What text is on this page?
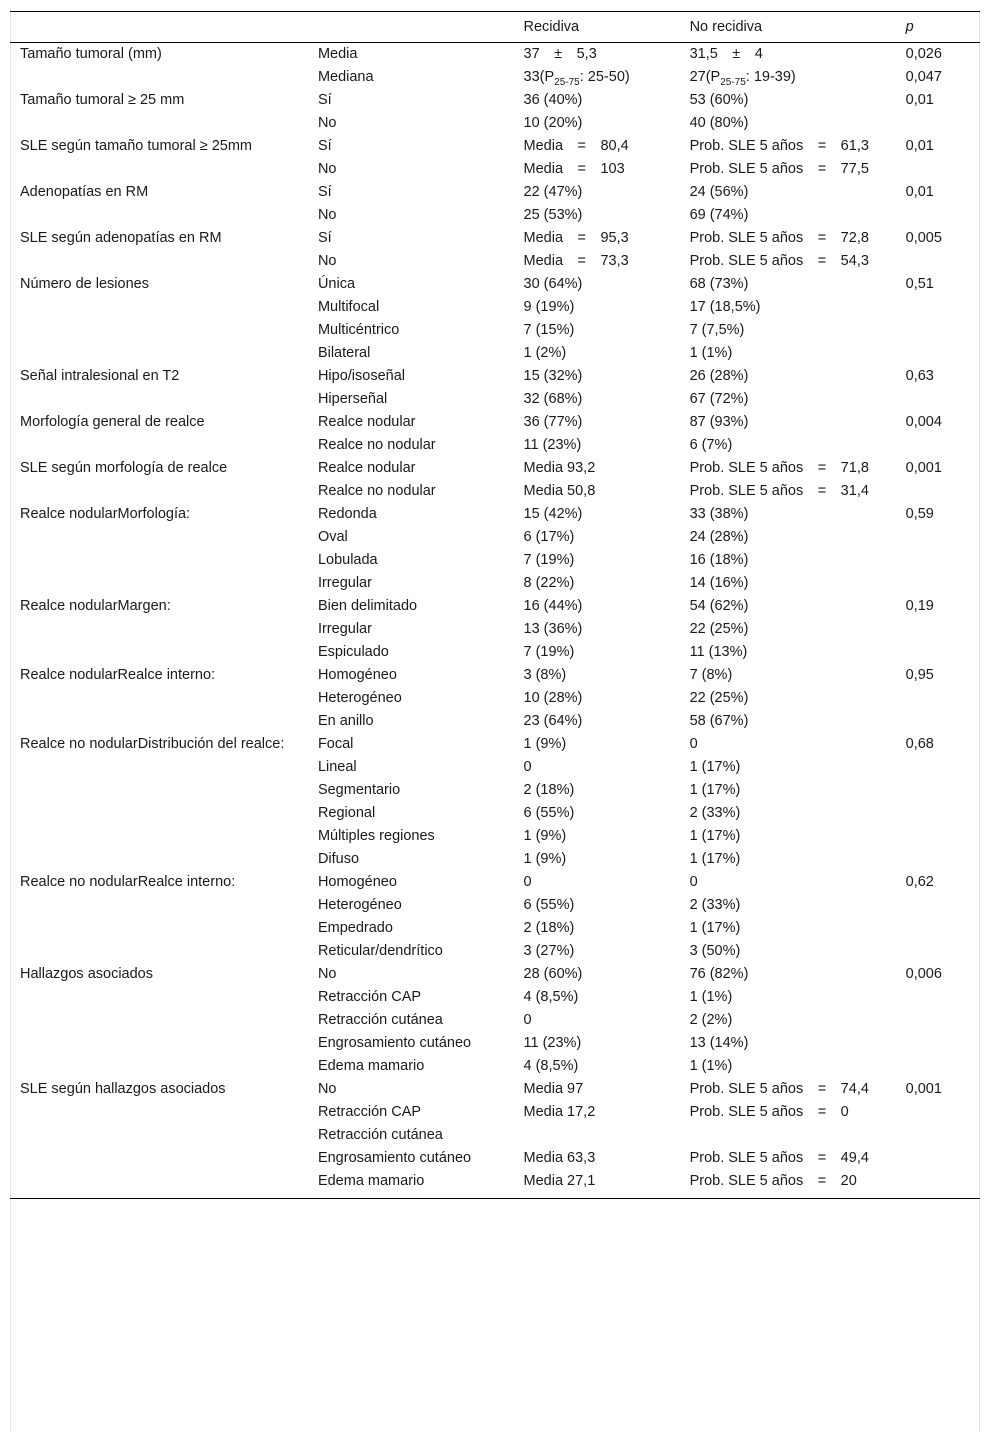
		Recidiva	No recidiva	p
Tamaño tumoral (mm)	Media	37 ± 5,3	31,5 ± 4	0,026
	Mediana	$33(P_{25-75}$: 25-50)	$27(P_{25-75}$: 19-39)	0,047
Tamaño tumoral ≥ 25 mm	Sí	36 (40%)	53 (60%)	0,01
	No	10 (20%)	40 (80%)	
SLE según tamaño tumoral ≥ 25mm	Sí	Media = 80,4	Prob. SLE 5 años = 61,3	0,01
	No	Media = 103	Prob. SLE 5 años = 77,5	
Adenopatías en RM	Sí	22 (47%)	24 (56%)	0,01
	No	25 (53%)	69 (74%)	
SLE según adenopatías en RM	Sí	Media = 95,3	Prob. SLE 5 años = 72,8	0,005
	No	Media = 73,3	Prob. SLE 5 años = 54,3	
Número de lesiones	Única	30 (64%)	68 (73%)	0,51
	Multifocal	9 (19%)	17 (18,5%)	
	Multicéntrico	7 (15%)	7 (7,5%)	
	Bilateral	1 (2%)	1 (1%)	
Señal intralesional en T2	Hipo/isoseñal	15 (32%)	26 (28%)	0,63
	Hiperseñal	32 (68%)	67 (72%)	
Morfología general de realce	Realce nodular	36 (77%)	87 (93%)	0,004
	Realce no nodular	11 (23%)	6 (7%)	
SLE según morfología de realce	Realce nodular	Media 93,2	Prob. SLE 5 años = 71,8	0,001
	Realce no nodular	Media 50,8	Prob. SLE 5 años = 31,4	
Realce nodularMorfología:	Redonda	15 (42%)	33 (38%)	0,59
	Oval	6 (17%)	24 (28%)	
	Lobulada	7 (19%)	16 (18%)	
	Irregular	8 (22%)	14 (16%)	
Realce nodularMargen:	Bien delimitado	16 (44%)	54 (62%)	0,19
	Irregular	13 (36%)	22 (25%)	
	Espiculado	7 (19%)	11 (13%)	
Realce nodularRealce interno:	Homogéneo	3 (8%)	7 (8%)	0,95
	Heterogéneo	10 (28%)	22 (25%)	
	En anillo	23 (64%)	58 (67%)	
Realce no nodularDistribución del realce:	Focal	1 (9%)	0	0,68
	Lineal	0	1 (17%)	
	Segmentario	2 (18%)	1 (17%)	
	Regional	6 (55%)	2 (33%)	
	Múltiples regiones	1 (9%)	1 (17%)	
	Difuso	1 (9%)	1 (17%)	
Realce no nodularRealce interno:	Homogéneo	0	0	0,62
	Heterogéneo	6 (55%)	2 (33%)	
	Empedrado	2 (18%)	1 (17%)	
	Reticular/dendrítico	3 (27%)	3 (50%)	
Hallazgos asociados	No	28 (60%)	76 (82%)	0,006
	Retracción CAP	4 (8,5%)	1 (1%)	
	Retracción cutánea	0	2 (2%)	
	Engrosamiento cutáneo	11 (23%)	13 (14%)	
	Edema mamario	4 (8,5%)	1 (1%)	
SLE según hallazgos asociados	No	Media 97	Prob. SLE 5 años = 74,4	0,001
	Retracción CAP	Media 17,2	Prob. SLE 5 años = 0	
	Retracción cutánea			
	Engrosamiento cutáneo	Media 63,3	Prob. SLE 5 años = 49,4	
	Edema mamario	Media 27,1	Prob. SLE 5 años = 20	
